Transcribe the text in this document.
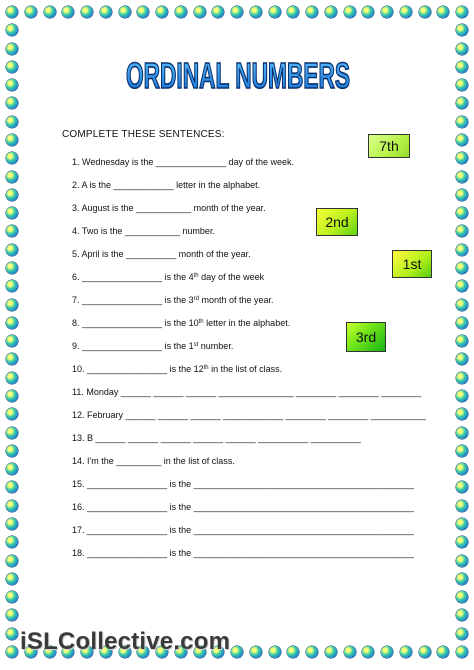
ORDINAL NUMBERS
COMPLETE THESE SENTENCES:
7th
2nd
1st
3rd
1. Wednesday is the ______________ day of the week.
2. A is the ____________ letter in the alphabet.
3. August is the ___________ month of the year.
4. Two is the ___________ number.
5. April is the __________ month of the year.
6. ________________ is the 4th day of the week
7. ________________ is the 3rd month of the year.
8. ________________ is the 10th letter in the alphabet.
9. ________________ is the 1st number.
10. ________________ is the 12th in the list of class.
11. Monday ______ ______ ______ _______________ ________ ________ ________
12. February ______ ______ ______ ____________ ________ ________ ___________
13. B ______ ______ ______ ______ ______ __________ __________
14. I'm the _________ in the list of class.
15. ________________ is the ____________________________________________
16. ________________ is the ____________________________________________
17. ________________ is the ____________________________________________
18. ________________ is the ____________________________________________
iSLCollective.com
